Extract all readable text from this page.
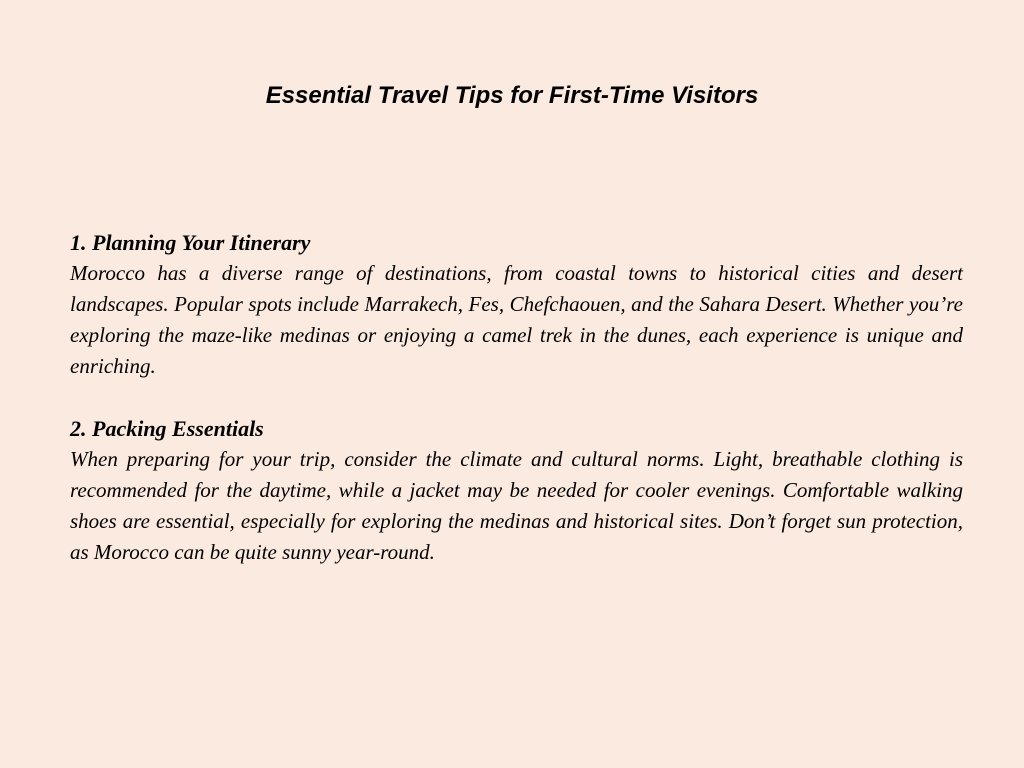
Essential Travel Tips for First-Time Visitors

1. Planning Your Itinerary

Morocco has a diverse range of destinations, from coastal towns to historical cities and desert landscapes. Popular spots include Marrakech, Fes, Chefchaouen, and the Sahara Desert. Whether you’re exploring the maze-like medinas or enjoying a camel trek in the dunes, each experience is unique and enriching.

2. Packing Essentials

When preparing for your trip, consider the climate and cultural norms. Light, breathable clothing is recommended for the daytime, while a jacket may be needed for cooler evenings. Comfortable walking shoes are essential, especially for exploring the medinas and historical sites. Don’t forget sun protection, as Morocco can be quite sunny year-round.
